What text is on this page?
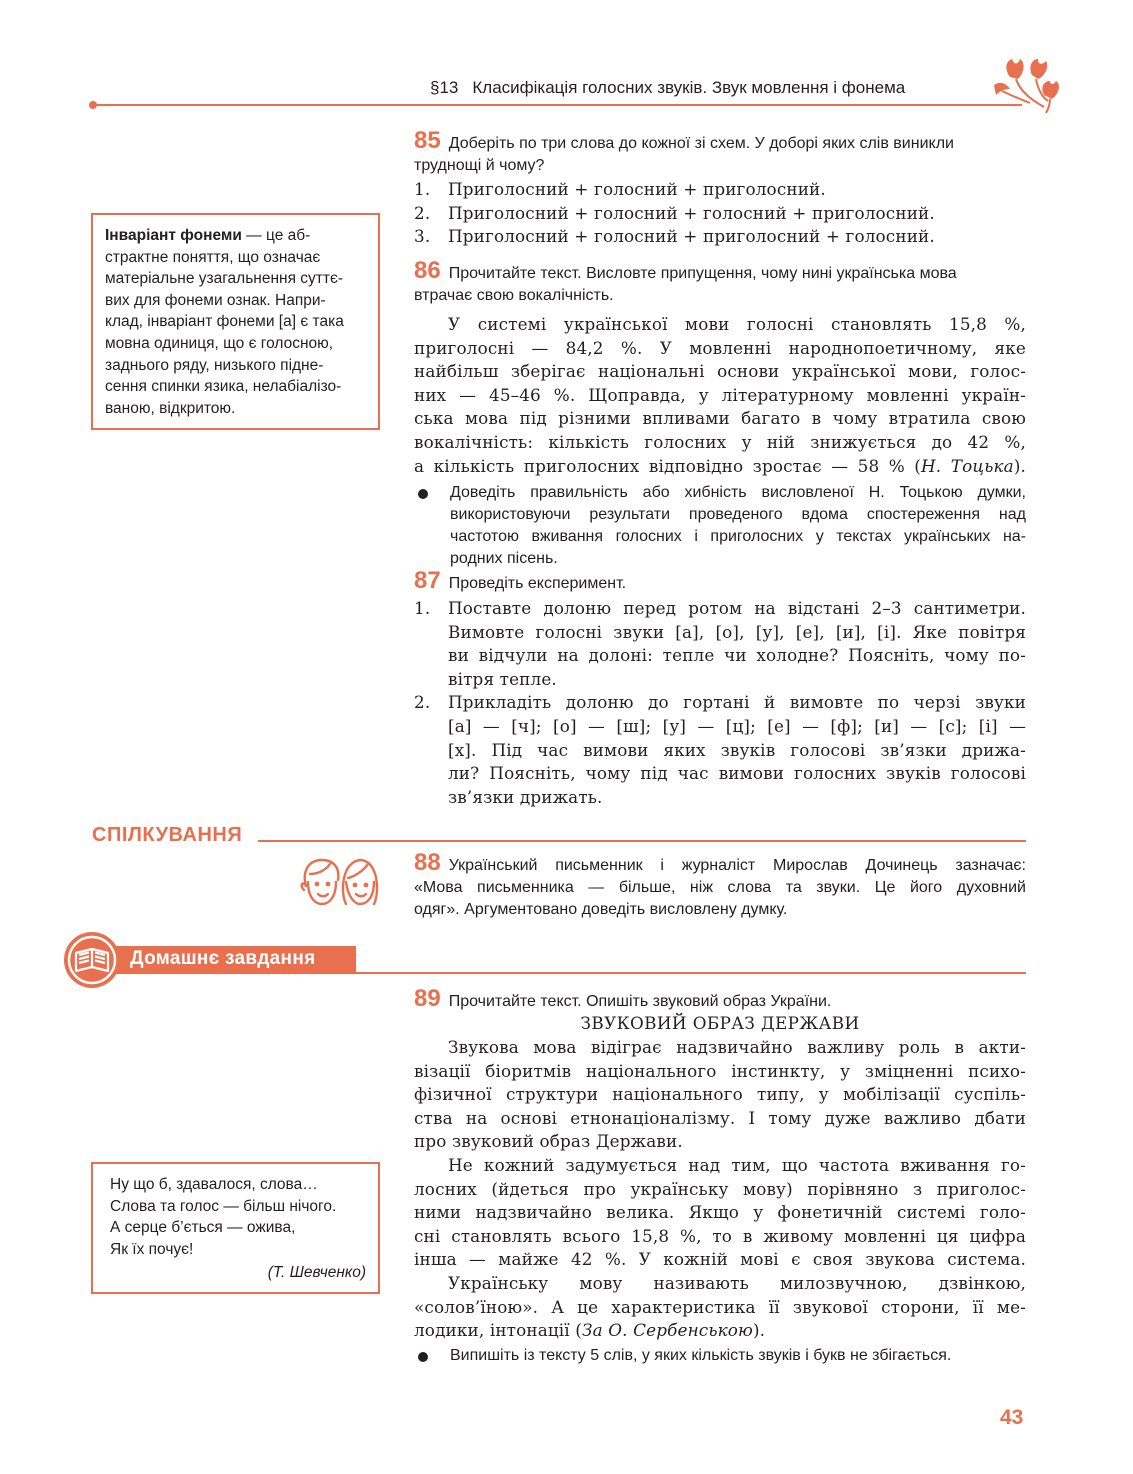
§13 Класифікація голосних звуків. Звук мовлення і фонема
Інваріант фонеми — це аб-
страктне поняття, що означає
матеріальне узагальнення суттє-
вих для фонеми ознак. Напри-
клад, інваріант фонеми [а] є така
мовна одиниця, що є голосною,
заднього ряду, низького підне-
сення спинки язика, нелабіалізо-
ваною, відкритою.
85 Доберіть по три слова до кожної зі схем. У доборі яких слів виникли
труднощі й чому?
1. Приголосний + голосний + приголосний.
2. Приголосний + голосний + голосний + приголосний.
3. Приголосний + голосний + приголосний + голосний.
86 Прочитайте текст. Висловте припущення, чому нині українська мова
втрачає свою вокалічність.
У системі української мови голосні становлять 15,8 %,
приголосні — 84,2 %. У мовленні народнопоетичному, яке
найбільш зберігає національні основи української мови, голос-
них — 45–46 %. Щоправда, у літературному мовленні україн-
ська мова під різними впливами багато в чому втратила свою
вокалічність: кількість голосних у ній знижується до 42 %,
а кількість приголосних відповідно зростає — 58 % (Н. Тоцька).
Доведіть правильність або хибність висловленої Н. Тоцькою думки,
використовуючи результати проведеного вдома спостереження над
частотою вживання голосних і приголосних у текстах українських на-
родних пісень.
87 Проведіть експеримент.
1. Поставте долоню перед ротом на відстані 2–3 сантиметри.
Вимовте голосні звуки [а], [о], [у], [е], [и], [і]. Яке повітря
ви відчули на долоні: тепле чи холодне? Поясніть, чому по-
вітря тепле.
2. Прикладіть долоню до гортані й вимовте по черзі звуки
[а] — [ч]; [о] — [ш]; [у] — [ц]; [е] — [ф]; [и] — [с]; [і] —
[х]. Під час вимови яких звуків голосові зв’язки дрижа-
ли? Поясніть, чому під час вимови голосних звуків голосові
зв’язки дрижать.
СПІЛКУВАННЯ
88 Український письменник і журналіст Мирослав Дочинець зазначає:
«Мова письменника — більше, ніж слова та звуки. Це його духовний
одяг». Аргументовано доведіть висловлену думку.
Домашнє завдання
89 Прочитайте текст. Опишіть звуковий образ України.
ЗВУКОВИЙ ОБРАЗ ДЕРЖАВИ
Звукова мова відіграє надзвичайно важливу роль в акти-
візації біоритмів національного інстинкту, у зміцненні психо-
фізичної структури національного типу, у мобілізації суспіль-
ства на основі етнонаціоналізму. І тому дуже важливо дбати
про звуковий образ Держави.
Не кожний задумується над тим, що частота вживання го-
лосних (йдеться про українську мову) порівняно з приголос-
ними надзвичайно велика. Якщо у фонетичній системі голо-
сні становлять всього 15,8 %, то в живому мовленні ця цифра
інша — майже 42 %. У кожній мові є своя звукова система.
Українську мову називають милозвучною, дзвінкою,
«солов’їною». А це характеристика її звукової сторони, її ме-
лодики, інтонації (За О. Сербенською).
Випишіть із тексту 5 слів, у яких кількість звуків і букв не збігається.
Ну що б, здавалося, слова…
Слова та голос — більш нічого.
А серце б’ється — ожива,
Як їх почує!
(Т. Шевченко)
43
